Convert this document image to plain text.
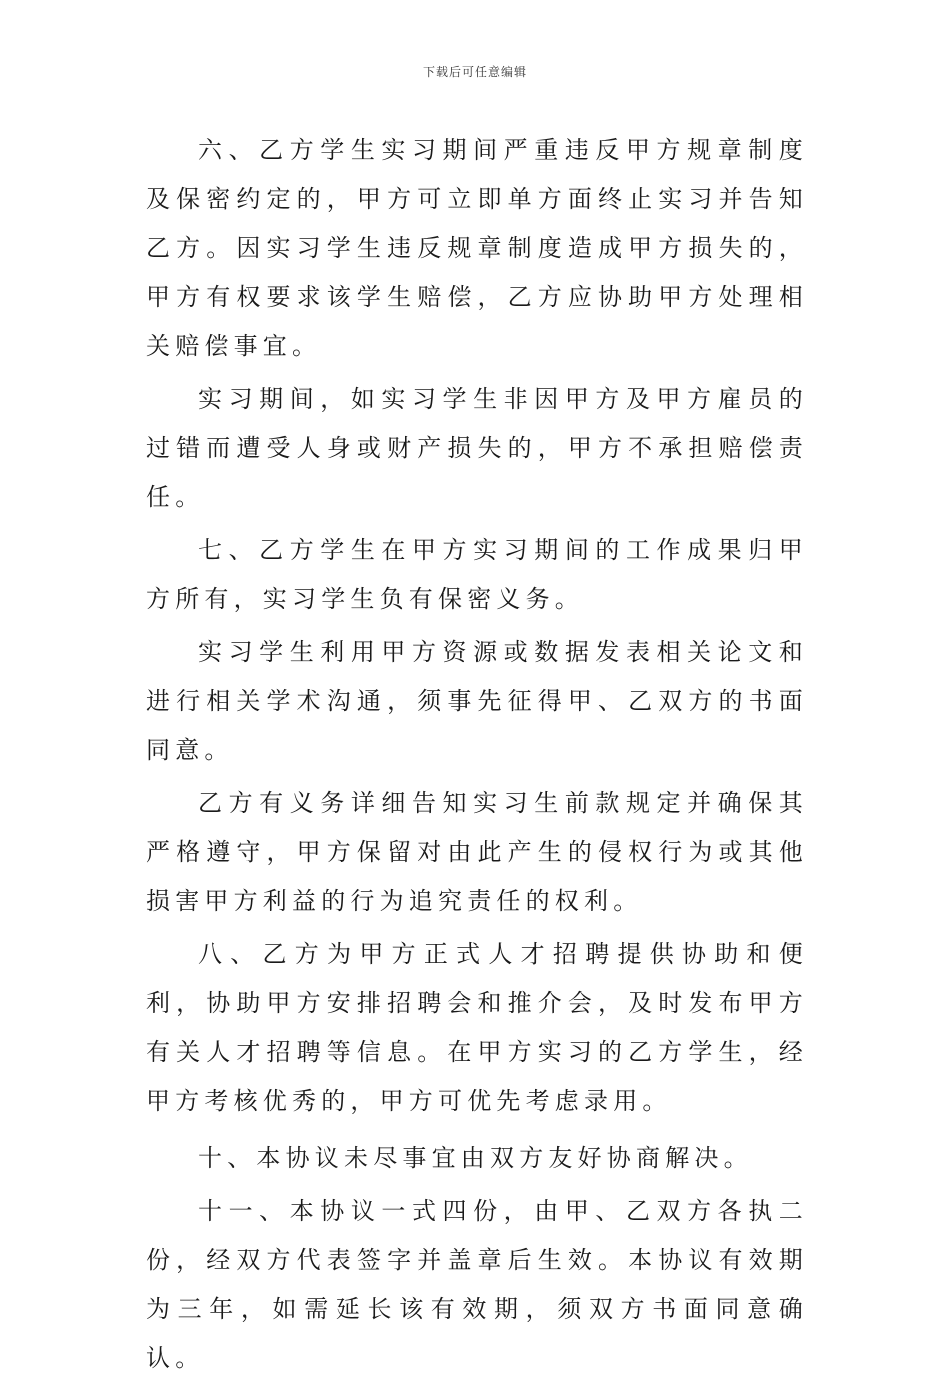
下载后可任意编辑

六、乙方学生实习期间严重违反甲方规章制度及保密约定的，甲方可立即单方面终止实习并告知乙方。因实习学生违反规章制度造成甲方损失的，甲方有权要求该学生赔偿，乙方应协助甲方处理相关赔偿事宜。

实习期间，如实习学生非因甲方及甲方雇员的过错而遭受人身或财产损失的，甲方不承担赔偿责任。

七、乙方学生在甲方实习期间的工作成果归甲方所有，实习学生负有保密义务。

实习学生利用甲方资源或数据发表相关论文和进行相关学术沟通，须事先征得甲、乙双方的书面同意。

乙方有义务详细告知实习生前款规定并确保其严格遵守，甲方保留对由此产生的侵权行为或其他损害甲方利益的行为追究责任的权利。

八、乙方为甲方正式人才招聘提供协助和便利，协助甲方安排招聘会和推介会，及时发布甲方有关人才招聘等信息。在甲方实习的乙方学生，经甲方考核优秀的，甲方可优先考虑录用。

十、本协议未尽事宜由双方友好协商解决。

十一、本协议一式四份，由甲、乙双方各执二份，经双方代表签字并盖章后生效。本协议有效期为三年，如需延长该有效期，须双方书面同意确认。
